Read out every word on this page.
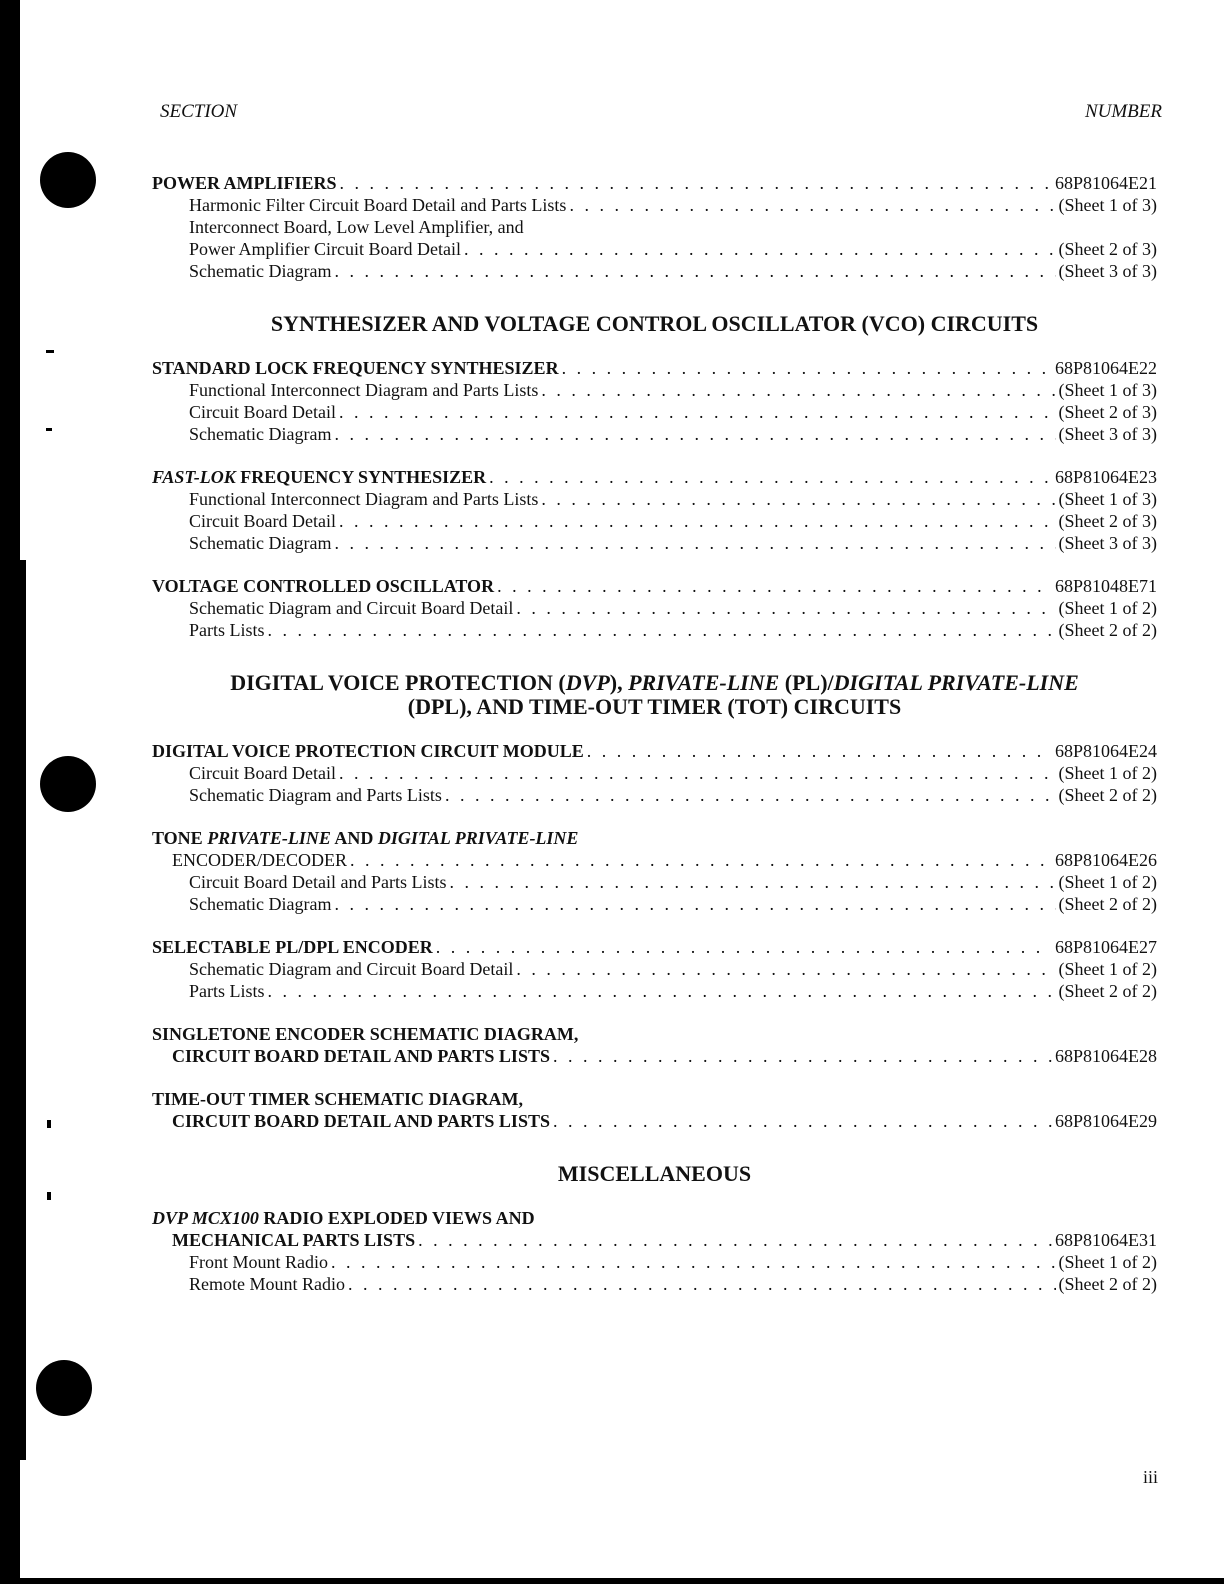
SECTION	NUMBER
POWER AMPLIFIERS . . .	68P81064E21
Harmonic Filter Circuit Board Detail and Parts Lists . . .	(Sheet 1 of 3)
Interconnect Board, Low Level Amplifier, and
Power Amplifier Circuit Board Detail . . .	(Sheet 2 of 3)
Schematic Diagram . . .	(Sheet 3 of 3)
SYNTHESIZER AND VOLTAGE CONTROL OSCILLATOR (VCO) CIRCUITS
STANDARD LOCK FREQUENCY SYNTHESIZER . . .	68P81064E22
Functional Interconnect Diagram and Parts Lists . . .	(Sheet 1 of 3)
Circuit Board Detail . . .	(Sheet 2 of 3)
Schematic Diagram . . .	(Sheet 3 of 3)
FAST-LOK FREQUENCY SYNTHESIZER . . .	68P81064E23
Functional Interconnect Diagram and Parts Lists . . .	(Sheet 1 of 3)
Circuit Board Detail . . .	(Sheet 2 of 3)
Schematic Diagram . . .	(Sheet 3 of 3)
VOLTAGE CONTROLLED OSCILLATOR . . .	68P81048E71
Schematic Diagram and Circuit Board Detail . . .	(Sheet 1 of 2)
Parts Lists . . .	(Sheet 2 of 2)
DIGITAL VOICE PROTECTION (DVP), PRIVATE-LINE (PL)/DIGITAL PRIVATE-LINE
(DPL), AND TIME-OUT TIMER (TOT) CIRCUITS
DIGITAL VOICE PROTECTION CIRCUIT MODULE . . .	68P81064E24
Circuit Board Detail . . .	(Sheet 1 of 2)
Schematic Diagram and Parts Lists . . .	(Sheet 2 of 2)
TONE PRIVATE-LINE AND DIGITAL PRIVATE-LINE
ENCODER/DECODER . . .	68P81064E26
Circuit Board Detail and Parts Lists . . .	(Sheet 1 of 2)
Schematic Diagram . . .	(Sheet 2 of 2)
SELECTABLE PL/DPL ENCODER . . .	68P81064E27
Schematic Diagram and Circuit Board Detail . . .	(Sheet 1 of 2)
Parts Lists . . .	(Sheet 2 of 2)
SINGLETONE ENCODER SCHEMATIC DIAGRAM,
CIRCUIT BOARD DETAIL AND PARTS LISTS . . .	68P81064E28
TIME-OUT TIMER SCHEMATIC DIAGRAM,
CIRCUIT BOARD DETAIL AND PARTS LISTS . . .	68P81064E29
MISCELLANEOUS
DVP MCX100 RADIO EXPLODED VIEWS AND
MECHANICAL PARTS LISTS . . .	68P81064E31
Front Mount Radio . . .	(Sheet 1 of 2)
Remote Mount Radio . . .	(Sheet 2 of 2)
iii
